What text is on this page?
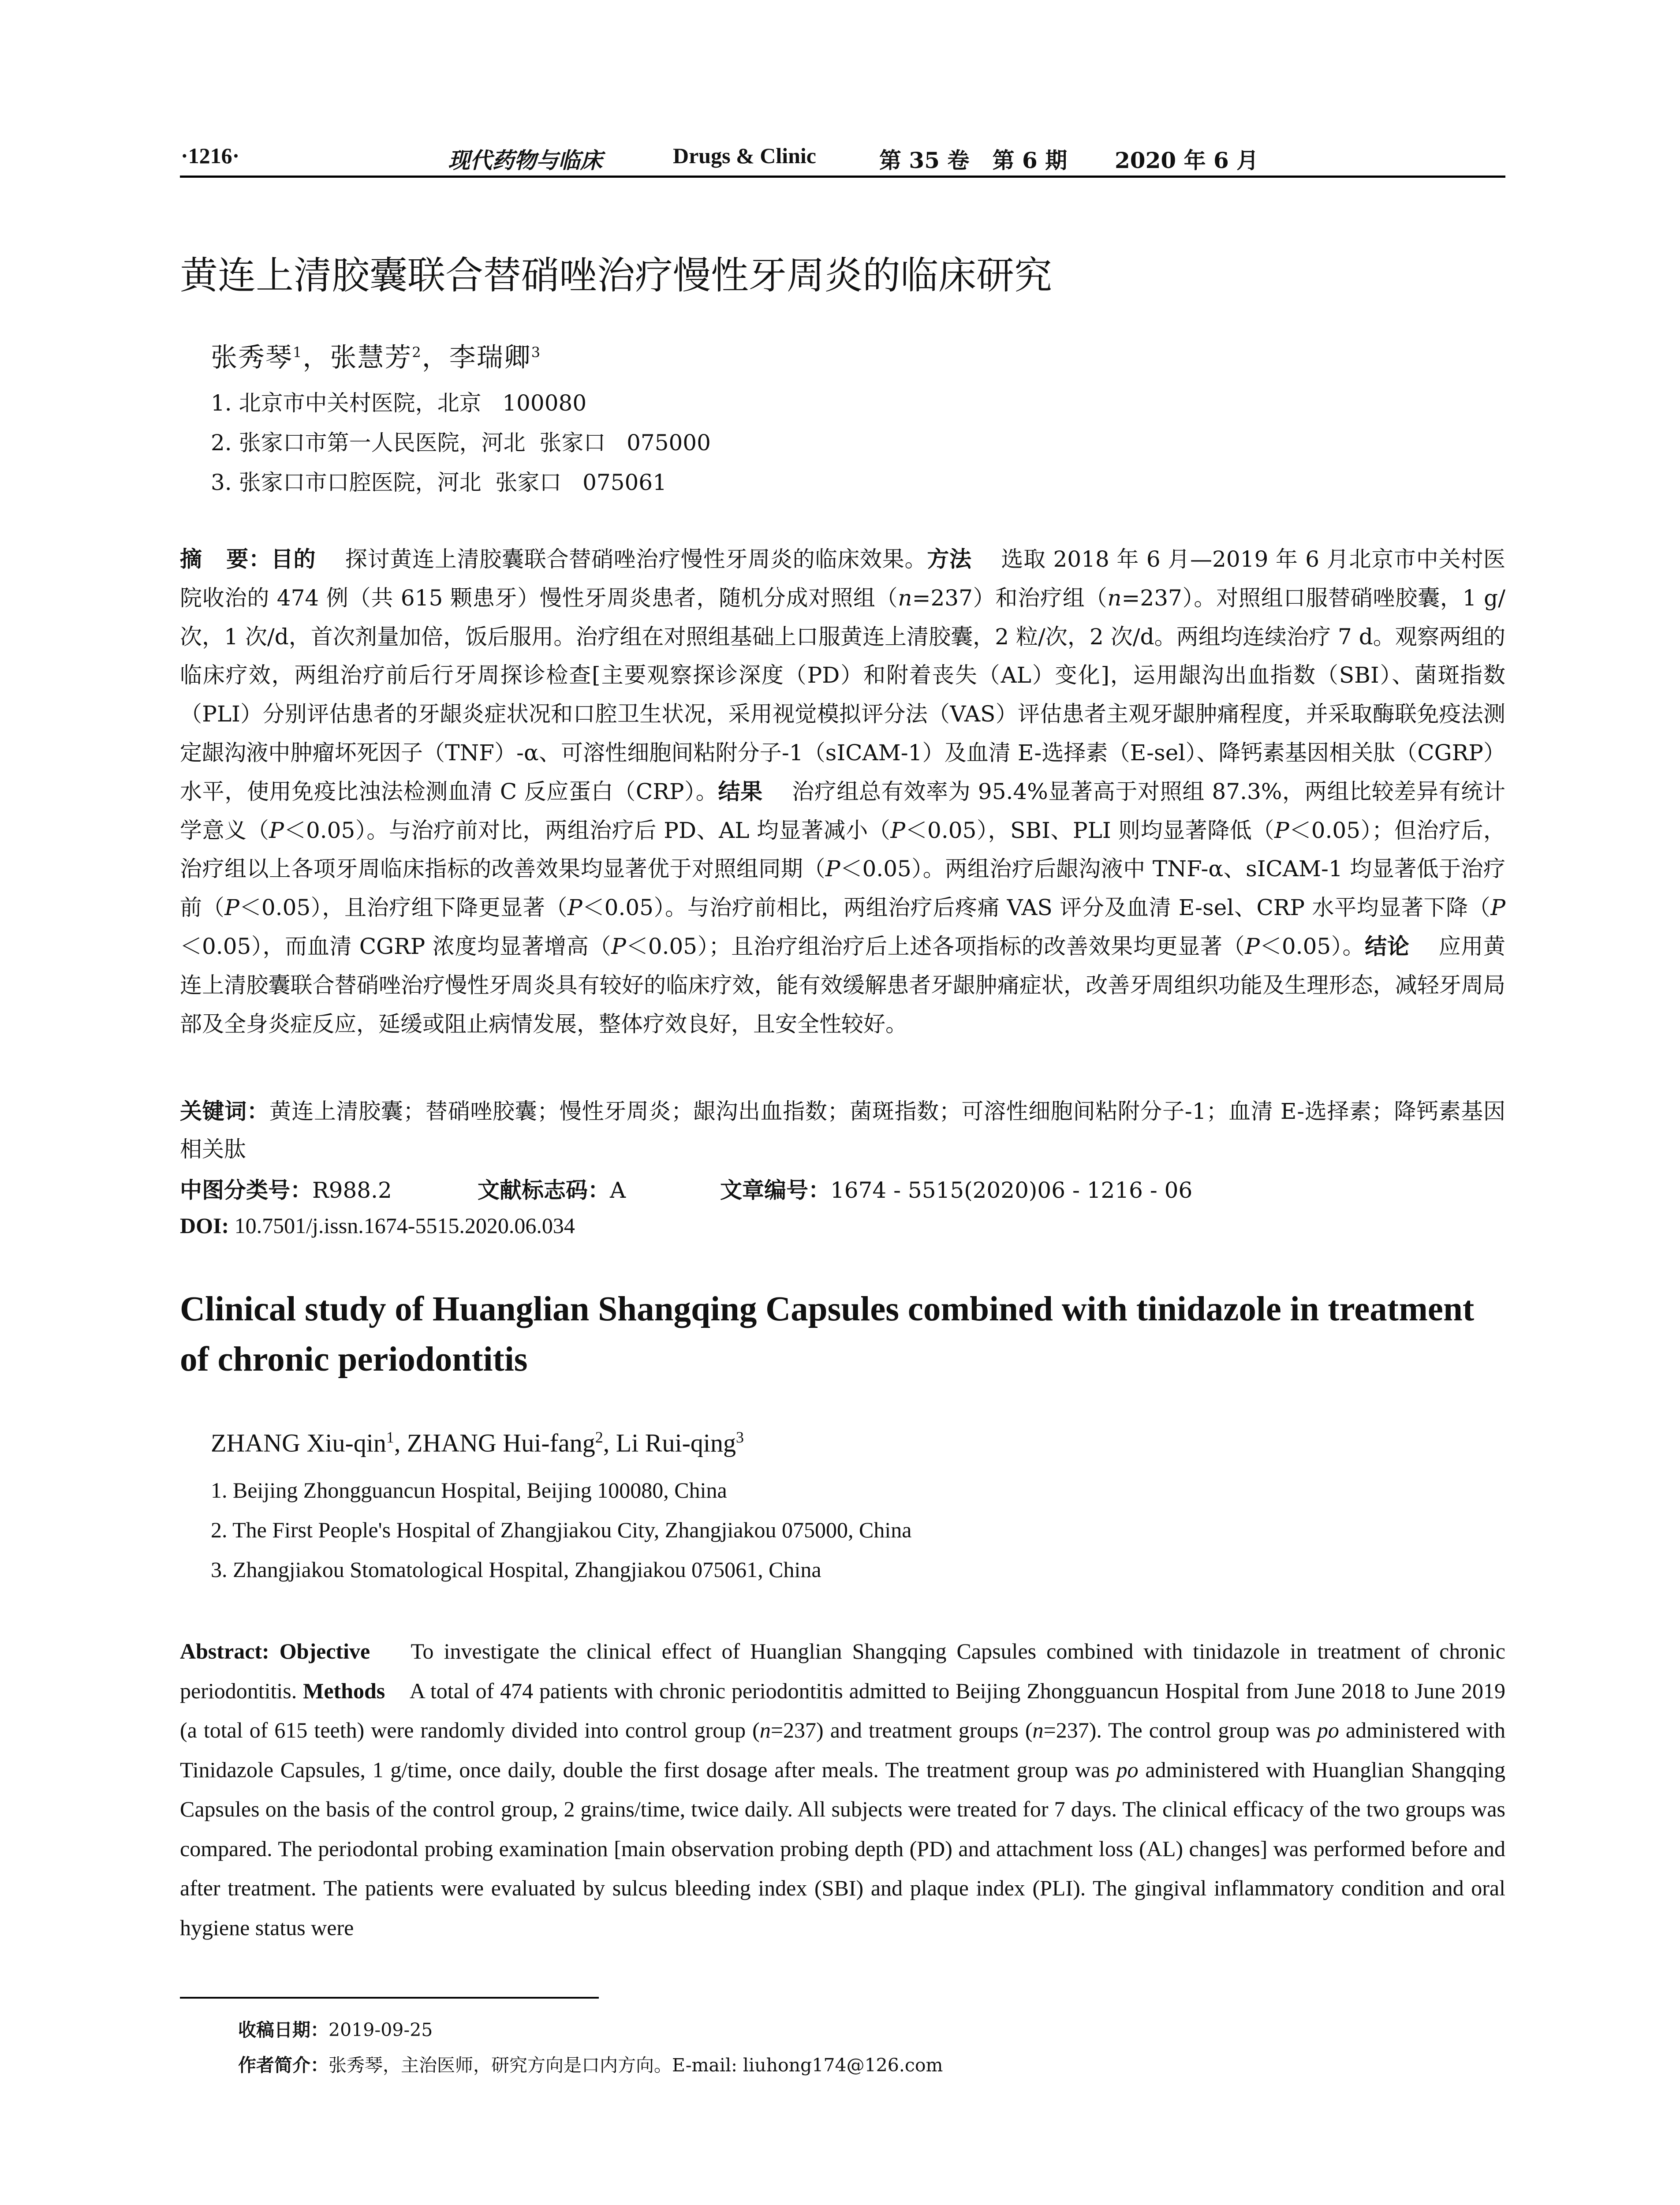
·1216·	现代药物与临床	Drugs & Clinic	第 35 卷   第 6 期 2020 年 6 月
黄连上清胶囊联合替硝唑治疗慢性牙周炎的临床研究
张秀琴$^1$，张慧芳$^2$，李瑞卿$^3$
1. 北京市中关村医院，北京   100080
2. 张家口市第一人民医院，河北  张家口   075000
3. 张家口市口腔医院，河北  张家口   075061
摘   要：目的 探讨黄连上清胶囊联合替硝唑治疗慢性牙周炎的临床效果。方法 选取 2018 年 6 月—2019 年 6 月北京市中关村医院收治的 474 例（共 615 颗患牙）慢性牙周炎患者，随机分成对照组（n=237）和治疗组（n=237）。对照组口服替硝唑胶囊，1 g/次，1 次/d，首次剂量加倍，饭后服用。治疗组在对照组基础上口服黄连上清胶囊，2 粒/次，2 次/d。两组均连续治疗 7 d。观察两组的临床疗效，两组治疗前后行牙周探诊检查[主要观察探诊深度（PD）和附着丧失（AL）变化]，运用龈沟出血指数（SBI）、菌斑指数（PLI）分别评估患者的牙龈炎症状况和口腔卫生状况，采用视觉模拟评分法（VAS）评估患者主观牙龈肿痛程度，并采取酶联免疫法测定龈沟液中肿瘤坏死因子（TNF）-α、可溶性细胞间粘附分子-1（sICAM-1）及血清 E-选择素（E-sel）、降钙素基因相关肽（CGRP）水平，使用免疫比浊法检测血清 C 反应蛋白（CRP）。结果 治疗组总有效率为 95.4%显著高于对照组 87.3%，两组比较差异有统计学意义（P＜0.05）。与治疗前对比，两组治疗后 PD、AL 均显著减小（P＜0.05），SBI、PLI 则均显著降低（P＜0.05）；但治疗后，治疗组以上各项牙周临床指标的改善效果均显著优于对照组同期（P＜0.05）。两组治疗后龈沟液中 TNF-α、sICAM-1 均显著低于治疗前（P＜0.05），且治疗组下降更显著（P＜0.05）。与治疗前相比，两组治疗后疼痛 VAS 评分及血清 E-sel、CRP 水平均显著下降（P＜0.05），而血清 CGRP 浓度均显著增高（P＜0.05）；且治疗组治疗后上述各项指标的改善效果均更显著（P＜0.05）。结论 应用黄连上清胶囊联合替硝唑治疗慢性牙周炎具有较好的临床疗效，能有效缓解患者牙龈肿痛症状，改善牙周组织功能及生理形态，减轻牙周局部及全身炎症反应，延缓或阻止病情发展，整体疗效良好，且安全性较好。
关键词：黄连上清胶囊；替硝唑胶囊；慢性牙周炎；龈沟出血指数；菌斑指数；可溶性细胞间粘附分子-1；血清 E-选择素；降钙素基因相关肽
中图分类号：R988.2	文献标志码：A	文章编号：1674 - 5515(2020)06 - 1216 - 06
DOI: 10.7501/j.issn.1674-5515.2020.06.034
Clinical study of Huanglian Shangqing Capsules combined with tinidazole in treatment of chronic periodontitis
ZHANG Xiu-qin$^1$, ZHANG Hui-fang$^2$, Li Rui-qing$^3$
1. Beijing Zhongguancun Hospital, Beijing 100080, China
2. The First People's Hospital of Zhangjiakou City, Zhangjiakou 075000, China
3. Zhangjiakou Stomatological Hospital, Zhangjiakou 075061, China
Abstract: Objective To investigate the clinical effect of Huanglian Shangqing Capsules combined with tinidazole in treatment of chronic periodontitis. Methods A total of 474 patients with chronic periodontitis admitted to Beijing Zhongguancun Hospital from June 2018 to June 2019 (a total of 615 teeth) were randomly divided into control group (n=237) and treatment groups (n=237). The control group was po administered with Tinidazole Capsules, 1 g/time, once daily, double the first dosage after meals. The treatment group was po administered with Huanglian Shangqing Capsules on the basis of the control group, 2 grains/time, twice daily. All subjects were treated for 7 days. The clinical efficacy of the two groups was compared. The periodontal probing examination [main observation probing depth (PD) and attachment loss (AL) changes] was performed before and after treatment. The patients were evaluated by sulcus bleeding index (SBI) and plaque index (PLI). The gingival inflammatory condition and oral hygiene status were
收稿日期：2019-09-25
作者简介：张秀琴，主治医师，研究方向是口内方向。E-mail: liuhong174@126.com
